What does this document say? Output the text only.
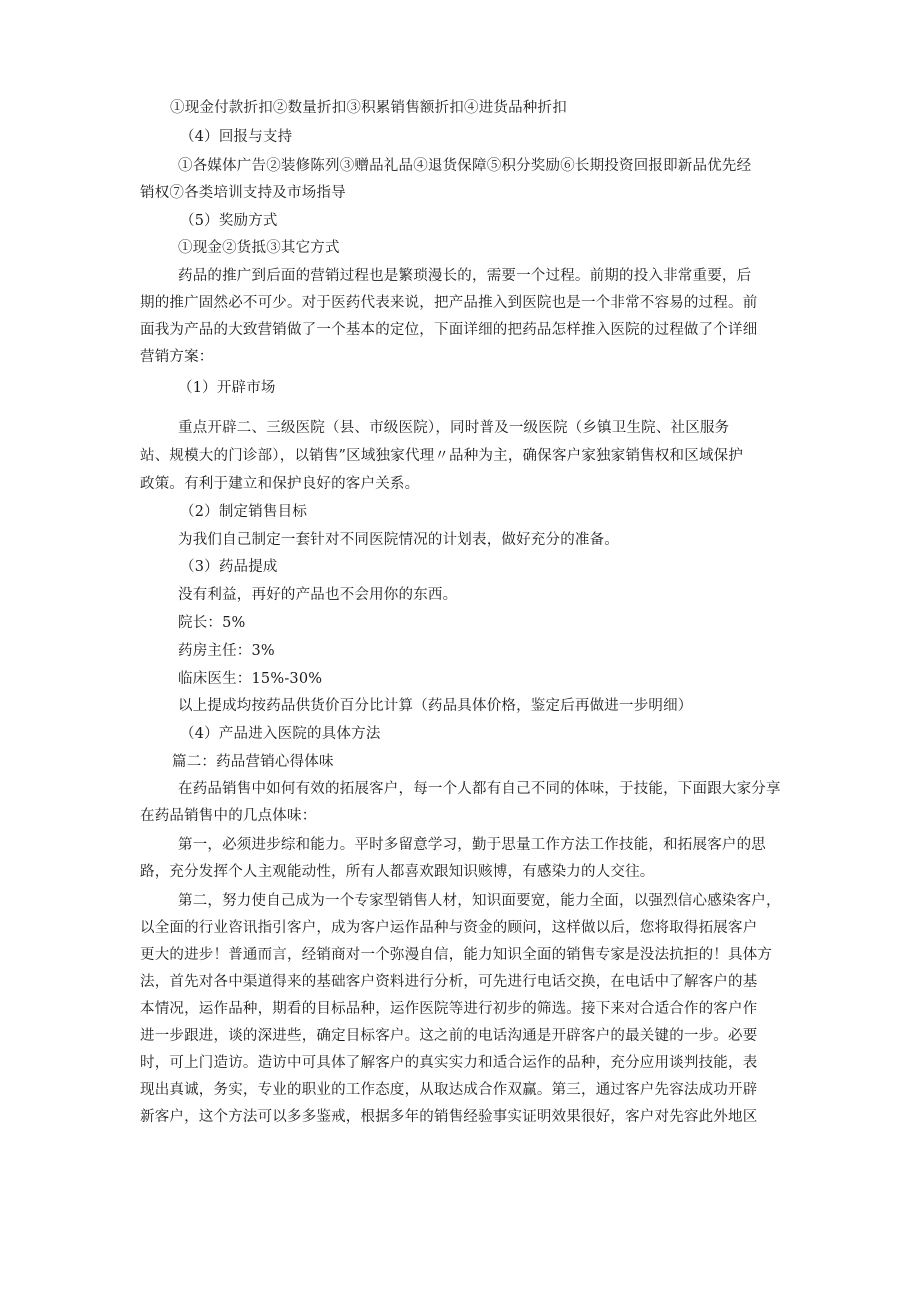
①现金付款折扣②数量折扣③积累销售额折扣④进货品种折扣
（4）回报与支持
①各媒体广告②装修陈列③赠品礼品④退货保障⑤积分奖励⑥长期投资回报即新品优先经
销权⑦各类培训支持及市场指导
（5）奖励方式
①现金②货抵③其它方式
药品的推广到后面的营销过程也是繁琐漫长的，需要一个过程。前期的投入非常重要，后
期的推广固然必不可少。对于医药代表来说，把产品推入到医院也是一个非常不容易的过程。前
面我为产品的大致营销做了一个基本的定位，下面详细的把药品怎样推入医院的过程做了个详细
营销方案：
（1）开辟市场
重点开辟二、三级医院（县、市级医院），同时普及一级医院（乡镇卫生院、社区服务
站、规模大的门诊部），以销售”区域独家代理〃品种为主，确保客户家独家销售权和区域保护
政策。有利于建立和保护良好的客户关系。
（2）制定销售目标
为我们自己制定一套针对不同医院情况的计划表，做好充分的准备。
（3）药品提成
没有利益，再好的产品也不会用你的东西。
院长：5%
药房主任：3%
临床医生：15%-30%
以上提成均按药品供货价百分比计算（药品具体价格，鉴定后再做进一步明细）
（4）产品进入医院的具体方法
篇二：药品营销心得体味
在药品销售中如何有效的拓展客户，每一个人都有自己不同的体味，于技能，下面跟大家分享
在药品销售中的几点体味：
第一，必须进步综和能力。平时多留意学习，勤于思量工作方法工作技能，和拓展客户的思
路，充分发挥个人主观能动性，所有人都喜欢跟知识赅博，有感染力的人交往。
第二，努力使自己成为一个专家型销售人材，知识面要宽，能力全面，以强烈信心感染客户，
以全面的行业咨讯指引客户，成为客户运作品种与资金的顾问，这样做以后，您将取得拓展客户
更大的进步！普通而言，经销商对一个弥漫自信，能力知识全面的销售专家是没法抗拒的！具体方
法，首先对各中渠道得来的基础客户资料进行分析，可先进行电话交换，在电话中了解客户的基
本情况，运作品种，期看的目标品种，运作医院等进行初步的筛选。接下来对合适合作的客户作
进一步跟进，谈的深进些，确定目标客户。这之前的电话沟通是开辟客户的最关键的一步。必要
时，可上门造访。造访中可具体了解客户的真实实力和适合运作的品种，充分应用谈判技能，表
现出真诚，务实，专业的职业的工作态度，从取达成合作双赢。第三，通过客户先容法成功开辟
新客户，这个方法可以多多鉴戒，根据多年的销售经验事实证明效果很好，客户对先容此外地区
